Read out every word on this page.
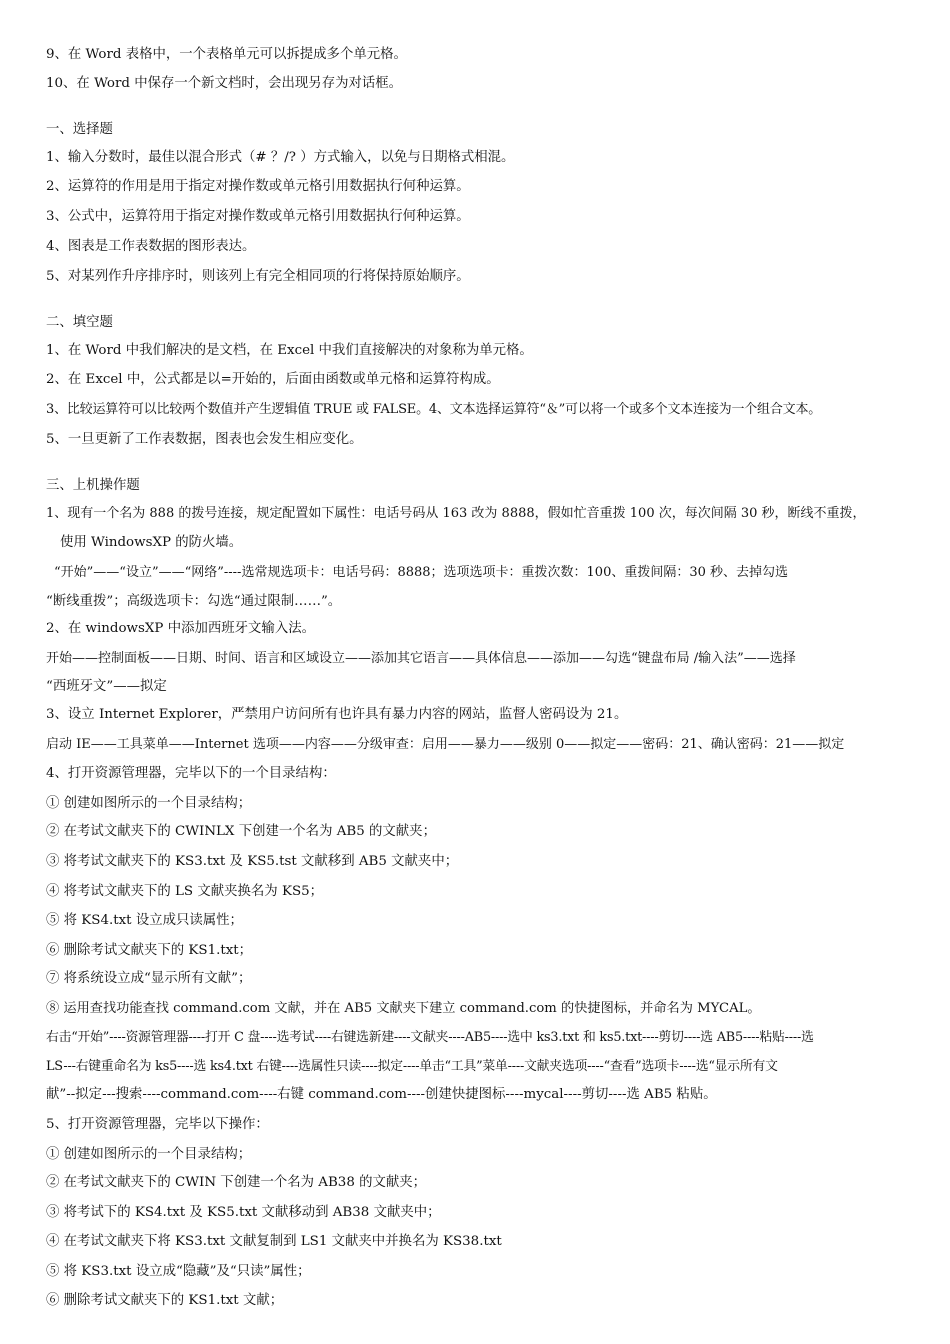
9、在 Word 表格中，一个表格单元可以拆提成多个单元格。
10、在 Word 中保存一个新文档时，会出现另存为对话框。
一、选择题
1、输入分数时，最佳以混合形式（# ？/? ）方式输入，以免与日期格式相混。
2、运算符的作用是用于指定对操作数或单元格引用数据执行何种运算。
3、公式中，运算符用于指定对操作数或单元格引用数据执行何种运算。
4、图表是工作表数据的图形表达。
5、对某列作升序排序时，则该列上有完全相同项的行将保持原始顺序。
二、填空题
1、在 Word 中我们解决的是文档，在 Excel 中我们直接解决的对象称为单元格。
2、在 Excel 中，公式都是以=开始的，后面由函数或单元格和运算符构成。
3、比较运算符可以比较两个数值并产生逻辑值 TRUE 或 FALSE。4、文本选择运算符“＆”可以将一个或多个文本连接为一个组合文本。
5、一旦更新了工作表数据，图表也会发生相应变化。
三、上机操作题
1、现有一个名为 888 的拨号连接，规定配置如下属性：电话号码从 163 改为 8888，假如忙音重拨 100 次，每次间隔 30 秒，断线不重拨，
使用 WindowsXP 的防火墙。
“开始”——“设立”——“网络”----选常规选项卡：电话号码：8888；选项选项卡：重拨次数：100、重拨间隔：30 秒、去掉勾选
“断线重拨”；高级选项卡：勾选“通过限制……”。
2、在 windowsXP 中添加西班牙文输入法。
开始——控制面板——日期、时间、语言和区域设立——添加其它语言——具体信息——添加——勾选“键盘布局 /输入法”——选择
“西班牙文”——拟定
3、设立 Internet Explorer，严禁用户访问所有也许具有暴力内容的网站，监督人密码设为 21。
启动 IE——工具菜单——Internet 选项——内容——分级审查：启用——暴力——级别 0——拟定——密码：21、确认密码：21——拟定
4、打开资源管理器，完毕以下的一个目录结构：
① 创建如图所示的一个目录结构；
② 在考试文献夹下的 CWINLX 下创建一个名为 AB5 的文献夹；
③ 将考试文献夹下的 KS3.txt 及 KS5.tst 文献移到 AB5 文献夹中；
④ 将考试文献夹下的 LS 文献夹换名为 KS5；
⑤ 将 KS4.txt 设立成只读属性；
⑥ 删除考试文献夹下的 KS1.txt；
⑦ 将系统设立成“显示所有文献”；
⑧ 运用查找功能查找 command.com 文献，并在 AB5 文献夹下建立 command.com 的快捷图标，并命名为 MYCAL。
右击“开始”----资源管理器----打开 C 盘----选考试----右键选新建----文献夹----AB5----选中 ks3.txt 和 ks5.txt----剪切----选 AB5----粘贴----选
LS---右键重命名为 ks5----选 ks4.txt 右键----选属性只读----拟定----单击“工具”菜单----文献夹选项----“查看”选项卡----选“显示所有文
献”--拟定---搜索----command.com----右键 command.com----创建快捷图标----mycal----剪切----选 AB5 粘贴。
5、打开资源管理器，完毕以下操作：
① 创建如图所示的一个目录结构；
② 在考试文献夹下的 CWIN 下创建一个名为 AB38 的文献夹；
③ 将考试下的 KS4.txt 及 KS5.txt 文献移动到 AB38 文献夹中；
④ 在考试文献夹下将 KS3.txt 文献复制到 LS1 文献夹中并换名为 KS38.txt
⑤ 将 KS3.txt 设立成“隐藏”及“只读”属性；
⑥ 删除考试文献夹下的 KS1.txt 文献；
